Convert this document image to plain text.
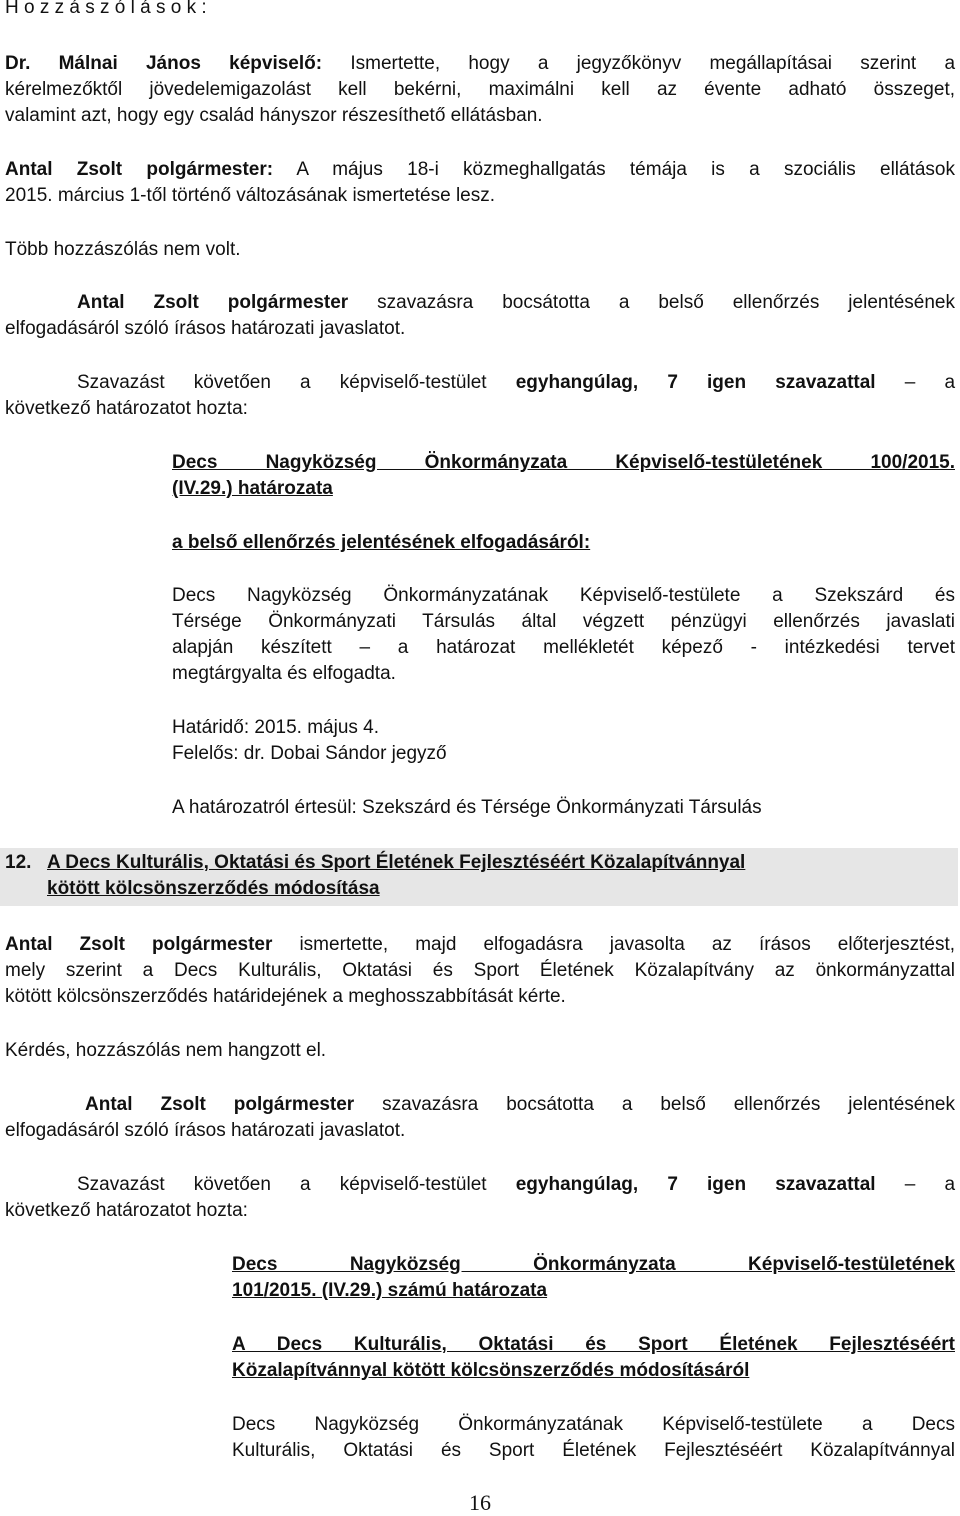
H o z z á s z ó l á s o k :
Dr. Málnai János képviselő: Ismertette, hogy a jegyzőkönyv megállapításai szerint a
kérelmezőktől jövedelemigazolást kell bekérni, maximálni kell az évente adható összeget,
valamint azt, hogy egy család hányszor részesíthető ellátásban.
Antal Zsolt polgármester: A május 18-i közmeghallgatás témája is a szociális ellátások
2015. március 1-től történő változásának ismertetése lesz.
Több hozzászólás nem volt.
Antal Zsolt polgármester szavazásra bocsátotta a belső ellenőrzés jelentésének
elfogadásáról szóló írásos határozati javaslatot.
Szavazást követően a képviselő-testület egyhangúlag, 7 igen szavazattal – a
következő határozatot hozta:
Decs Nagyközség Önkormányzata Képviselő-testületének 100/2015.
(IV.29.) határozata
a belső ellenőrzés jelentésének elfogadásáról:
Decs Nagyközség Önkormányzatának Képviselő-testülete a Szekszárd és
Térsége Önkormányzati Társulás által végzett pénzügyi ellenőrzés javaslati
alapján készített – a határozat mellékletét képező - intézkedési tervet
megtárgyalta és elfogadta.
Határidő: 2015. május 4.
Felelős: dr. Dobai Sándor jegyző
A határozatról értesül: Szekszárd és Térsége Önkormányzati Társulás
12. A Decs Kulturális, Oktatási és Sport Életének Fejlesztéséért Közalapítvánnyal
kötött kölcsönszerződés módosítása
Antal Zsolt polgármester ismertette, majd elfogadásra javasolta az írásos előterjesztést,
mely szerint a Decs Kulturális, Oktatási és Sport Életének Közalapítvány az önkormányzattal
kötött kölcsönszerződés határidejének a meghosszabbítását kérte.
Kérdés, hozzászólás nem hangzott el.
Antal Zsolt polgármester szavazásra bocsátotta a belső ellenőrzés jelentésének
elfogadásáról szóló írásos határozati javaslatot.
Szavazást követően a képviselő-testület egyhangúlag, 7 igen szavazattal – a
következő határozatot hozta:
Decs Nagyközség Önkormányzata Képviselő-testületének
101/2015. (IV.29.) számú határozata
A Decs Kulturális, Oktatási és Sport Életének Fejlesztéséért
Közalapítvánnyal kötött kölcsönszerződés módosításáról
Decs Nagyközség Önkormányzatának Képviselő-testülete a Decs
Kulturális, Oktatási és Sport Életének Fejlesztéséért Közalapítvánnyal
16
